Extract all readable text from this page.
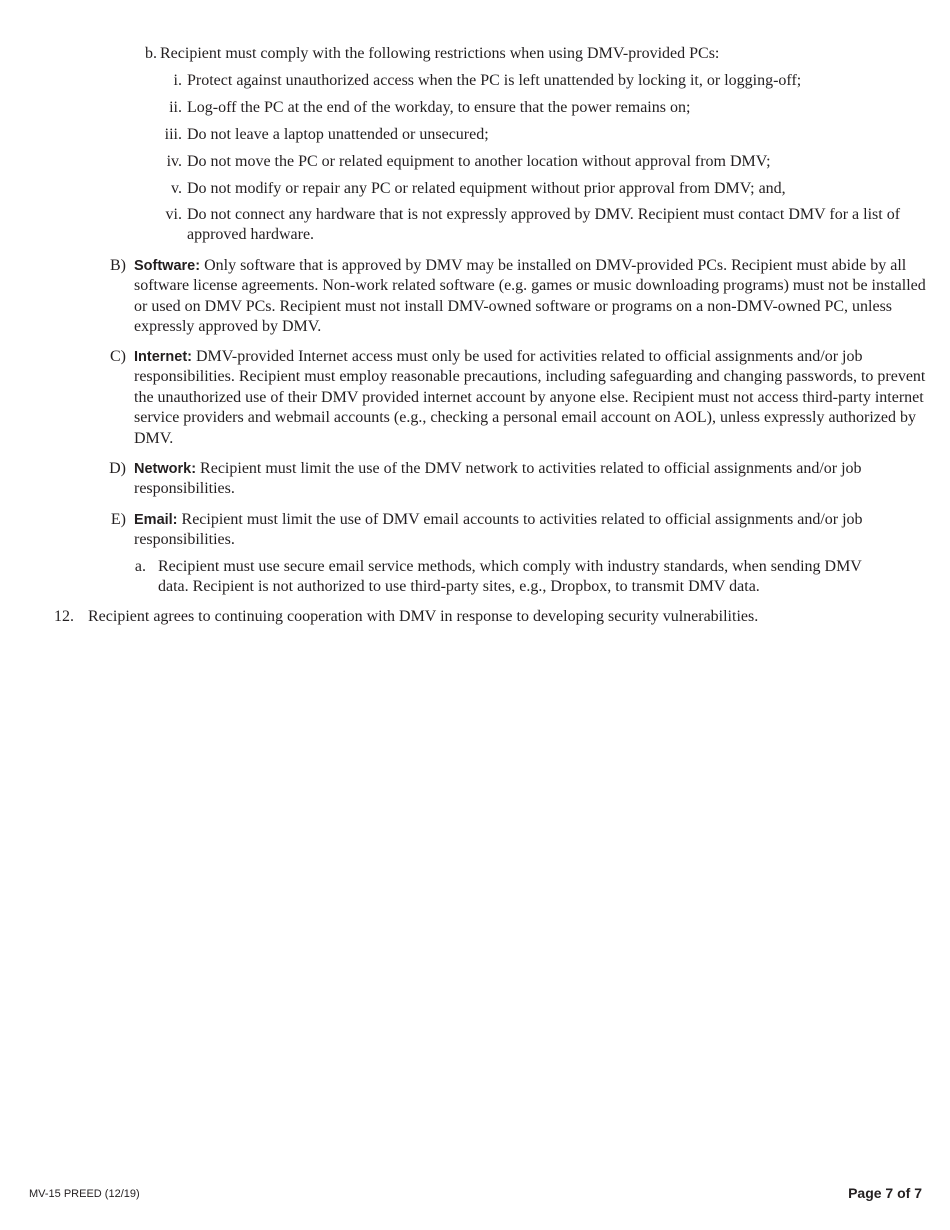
b. Recipient must comply with the following restrictions when using DMV-provided PCs:
i. Protect against unauthorized access when the PC is left unattended by locking it, or logging-off;
ii. Log-off the PC at the end of the workday, to ensure that the power remains on;
iii. Do not leave a laptop unattended or unsecured;
iv. Do not move the PC or related equipment to another location without approval from DMV;
v. Do not modify or repair any PC or related equipment without prior approval from DMV; and,
vi. Do not connect any hardware that is not expressly approved by DMV. Recipient must contact DMV for a list of approved hardware.
B) Software: Only software that is approved by DMV may be installed on DMV-provided PCs. Recipient must abide by all software license agreements. Non-work related software (e.g. games or music downloading programs) must not be installed or used on DMV PCs. Recipient must not install DMV-owned software or programs on a non-DMV-owned PC, unless expressly approved by DMV.
C) Internet: DMV-provided Internet access must only be used for activities related to official assignments and/or job responsibilities. Recipient must employ reasonable precautions, including safeguarding and changing passwords, to prevent the unauthorized use of their DMV provided internet account by anyone else. Recipient must not access third-party internet service providers and webmail accounts (e.g., checking a personal email account on AOL), unless expressly authorized by DMV.
D) Network: Recipient must limit the use of the DMV network to activities related to official assignments and/or job responsibilities.
E) Email: Recipient must limit the use of DMV email accounts to activities related to official assignments and/or job responsibilities.
a. Recipient must use secure email service methods, which comply with industry standards, when sending DMV data. Recipient is not authorized to use third-party sites, e.g., Dropbox, to transmit DMV data.
12. Recipient agrees to continuing cooperation with DMV in response to developing security vulnerabilities.
MV-15 PREED (12/19)	Page 7 of 7
